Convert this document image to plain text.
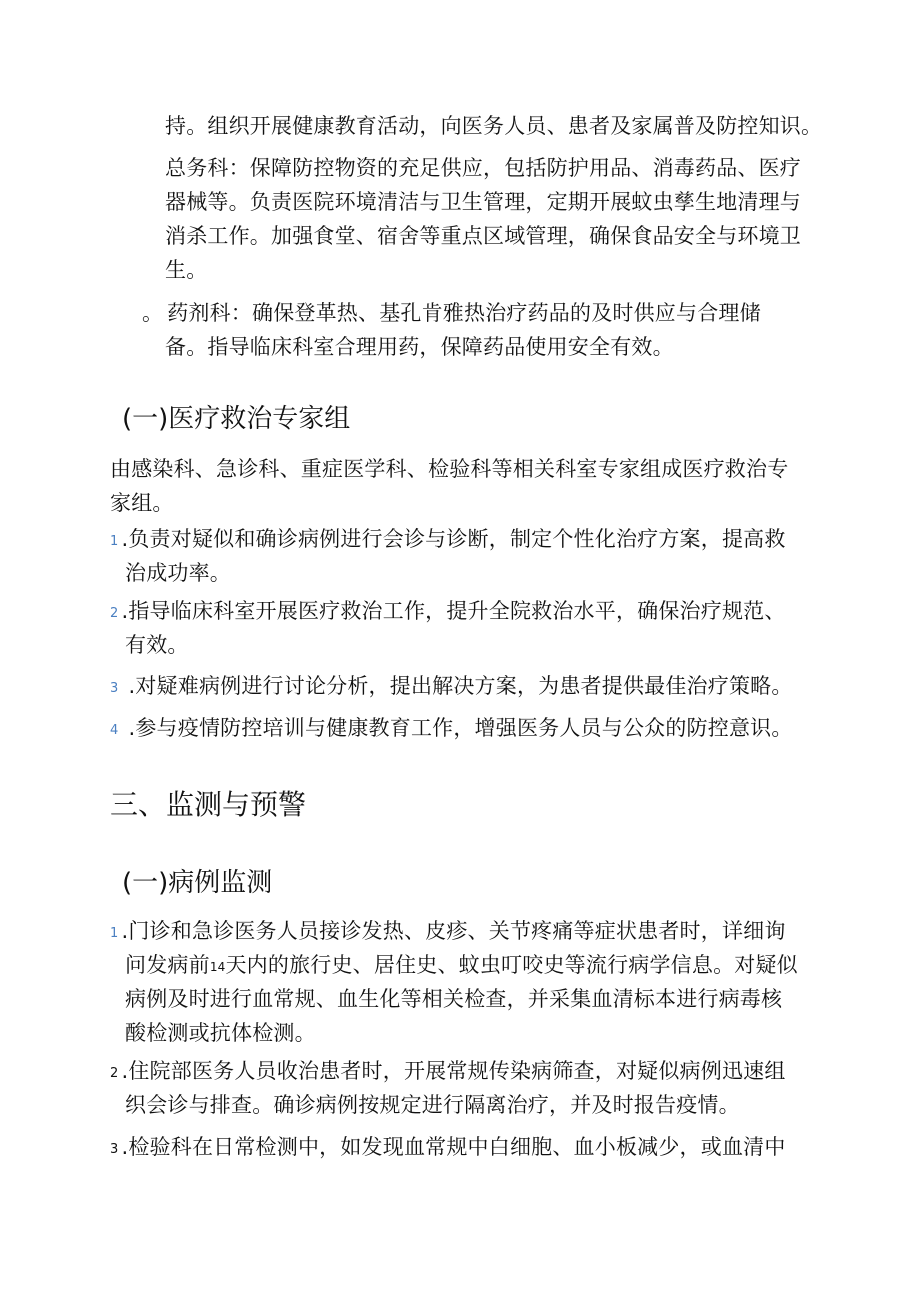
持。组织开展健康教育活动，向医务人员、患者及家属普及防控知识。
总务科：保障防控物资的充足供应，包括防护用品、消毒药品、医疗
器械等。负责医院环境清洁与卫生管理，定期开展蚊虫孳生地清理与
消杀工作。加强食堂、宿舍等重点区域管理，确保食品安全与环境卫
生。
。 药剂科：确保登革热、基孔肯雅热治疗药品的及时供应与合理储
备。指导临床科室合理用药，保障药品使用安全有效。
(一)医疗救治专家组
由感染科、急诊科、重症医学科、检验科等相关科室专家组成医疗救治专
家组。
1 .负责对疑似和确诊病例进行会诊与诊断，制定个性化治疗方案，提高救
治成功率。
2 .指导临床科室开展医疗救治工作，提升全院救治水平，确保治疗规范、
有效。
3 .对疑难病例进行讨论分析，提出解决方案，为患者提供最佳治疗策略。
4 .参与疫情防控培训与健康教育工作，增强医务人员与公众的防控意识。
三、监测与预警
(一)病例监测
1 .门诊和急诊医务人员接诊发热、皮疹、关节疼痛等症状患者时，详细询
问发病前14天内的旅行史、居住史、蚊虫叮咬史等流行病学信息。对疑似
病例及时进行血常规、血生化等相关检查，并采集血清标本进行病毒核
酸检测或抗体检测。
2 .住院部医务人员收治患者时，开展常规传染病筛查，对疑似病例迅速组
织会诊与排查。确诊病例按规定进行隔离治疗，并及时报告疫情。
3 .检验科在日常检测中，如发现血常规中白细胞、血小板减少，或血清中
